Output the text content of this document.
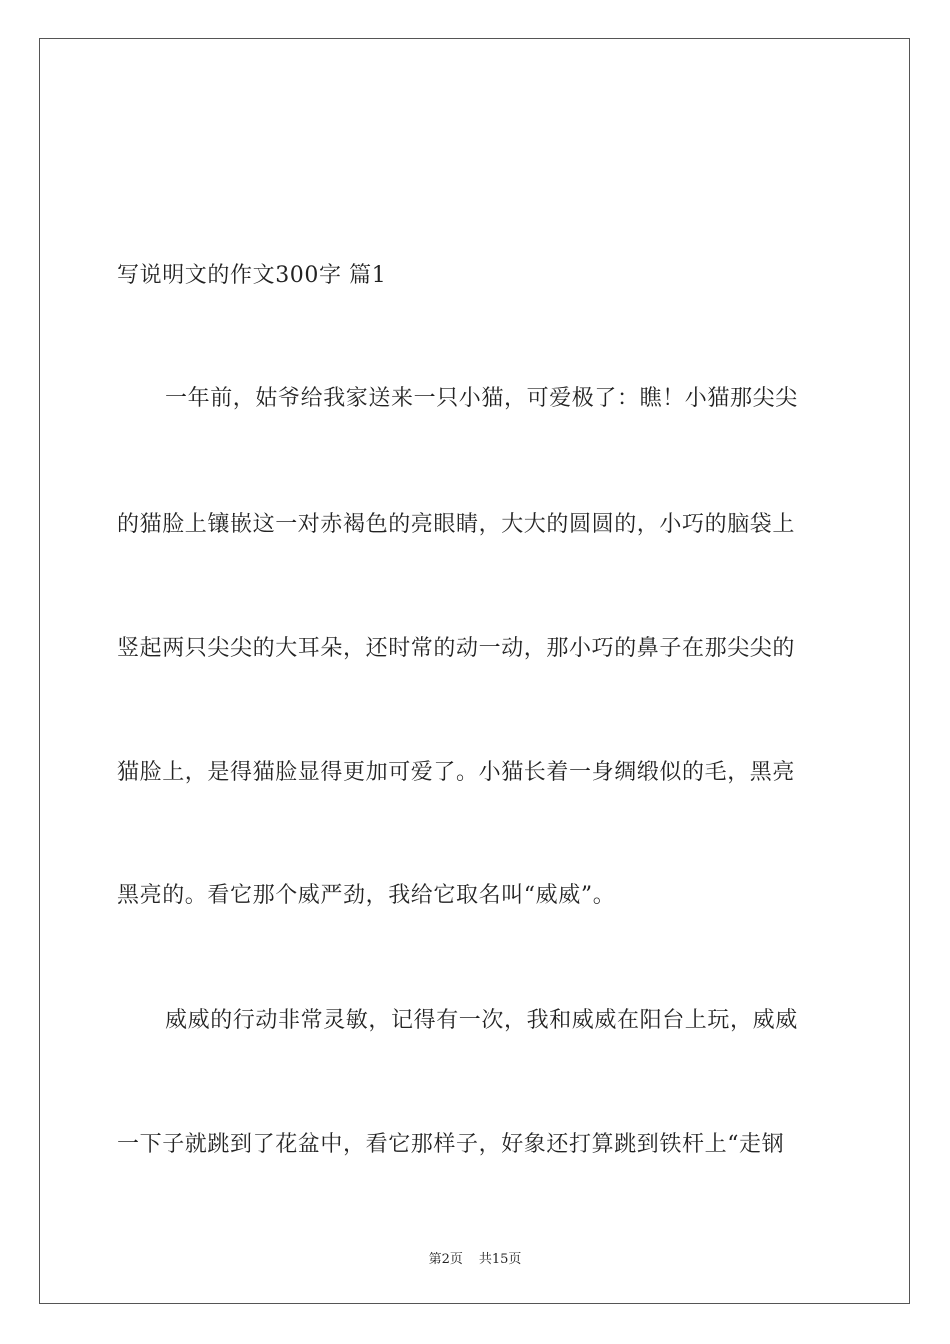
写说明文的作文300字 篇1
一年前，姑爷给我家送来一只小猫，可爱极了：瞧！小猫那尖尖
的猫脸上镶嵌这一对赤褐色的亮眼睛，大大的圆圆的，小巧的脑袋上
竖起两只尖尖的大耳朵，还时常的动一动，那小巧的鼻子在那尖尖的
猫脸上，是得猫脸显得更加可爱了。小猫长着一身绸缎似的毛，黑亮
黑亮的。看它那个威严劲，我给它取名叫“威威”。
威威的行动非常灵敏，记得有一次，我和威威在阳台上玩，威威
一下子就跳到了花盆中，看它那样子，好象还打算跳到铁杆上“走钢
第2页 共15页
